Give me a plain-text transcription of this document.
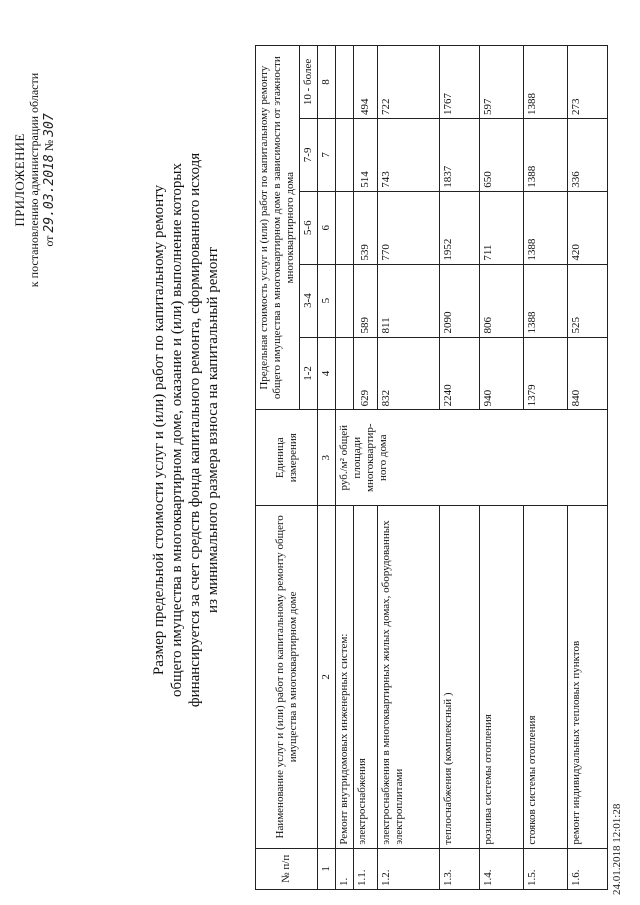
ПРИЛОЖЕНИЕ к постановлению администрации области от 29.03.2018 № 307
Размер предельной стоимости услуг и (или) работ по капитальному ремонту общего имущества в многоквартирном доме, оказание и (или) выполнение которых финансируется за счет средств фонда капитального ремонта, сформированного исходя из минимального размера взноса на капитальный ремонт
№ п/п	Наименование услуг и (или) работ по капитальному ремонту общего имущества в многоквартирном доме	Единица измерения	Предельная стоимость услуг и (или) работ по капитальному ремонту общего имущества в многоквартирном доме в зависимости от этажности многоквартирного дома				
			1-2	3-4	5-6	7-9	10 - более
1	2	3	4	5	6	7	8
1.	Ремонт внутридомовых инженерных систем:	руб./м² общей площади многоквартир-ного дома					
1.1.	электроснабжения		629	589	539	514	494
1.2.	электроснабжения в многоквартирных жилых домах, оборудованных электроплитами		832	811	770	743	722
1.3.	теплоснабжения (комплексный )		2240	2090	1952	1837	1767
1.4.	розлива системы отопления		940	806	711	650	597
1.5.	стояков системы отопления		1379	1388	1388	1388	1388
1.6.	ремонт индивидуальных тепловых пунктов		840	525	420	336	273
24.01.2018 12:01:28
